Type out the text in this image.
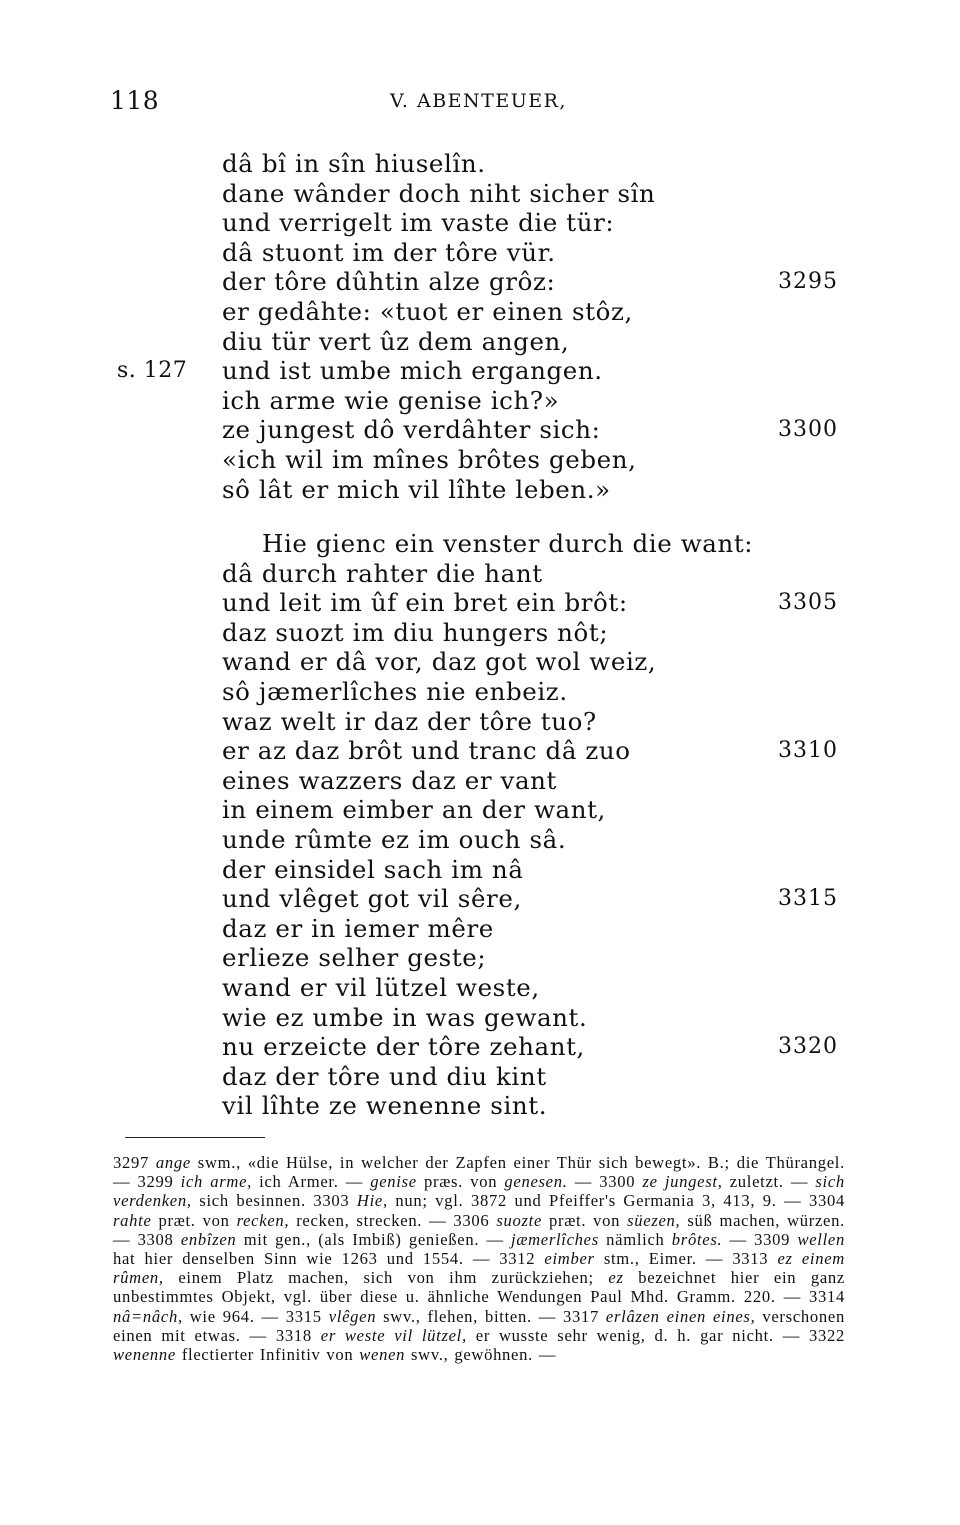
118	V. ABENTEUER,
dâ bî in sîn hiuselîn.
dane wânder doch niht sicher sîn
und verrigelt im vaste die tür:
dâ stuont im der tôre vür.
der tôre dûhtin alze grôz:	3295
er gedâhte: «tuot er einen stôz,
diu tür vert ûz dem angen,
und ist umbe mich ergangen.
s. 127
ich arme wie genise ich?»
ze jungest dô verdâhter sich:	3300
«ich wil im mînes brôtes geben,
sô lât er mich vil lîhte leben.»
Hie gienc ein venster durch die want:
dâ durch rahter die hant
und leit im ûf ein bret ein brôt:	3305
daz suozt im diu hungers nôt;
wand er dâ vor, daz got wol weiz,
sô jæmerlîches nie enbeiz.
waz welt ir daz der tôre tuo?
er az daz brôt und tranc dâ zuo	3310
eines wazzers daz er vant
in einem eimber an der want,
unde rûmte ez im ouch sâ.
der einsidel sach im nâ
und vlêget got vil sêre,	3315
daz er in iemer mêre
erlieze selher geste;
wand er vil lützel weste,
wie ez umbe in was gewant.
nu erzeicte der tôre zehant,	3320
daz der tôre und diu kint
vil lîhte ze wenenne sint.
3297 ange swm., «die Hülse, in welcher der Zapfen einer Thür sich bewegt». B.; die Thürangel. — 3299 ich arme, ich Armer. — genise præs. von genesen. — 3300 ze jungest, zuletzt. — sich verdenken, sich besinnen. 3303 Hie, nun; vgl. 3872 und Pfeiffer's Germania 3, 413, 9. — 3304 rahte præt. von recken, recken, strecken. — 3306 suozte præt. von süezen, süß machen, würzen. — 3308 enbîzen mit gen., (als Imbiß) genießen. — jæmerlîches nämlich brôtes. — 3309 wellen hat hier denselben Sinn wie 1263 und 1554. — 3312 eimber stm., Eimer. — 3313 ez einem rûmen, einem Platz machen, sich von ihm zurückziehen; ez bezeichnet hier ein ganz unbestimmtes Objekt, vgl. über diese u. ähnliche Wendungen Paul Mhd. Gramm. 220. — 3314 nâ=nâch, wie 964. — 3315 vlêgen swv., flehen, bitten. — 3317 erlâzen einen eines, verschonen einen mit etwas. — 3318 er weste vil lützel, er wusste sehr wenig, d. h. gar nicht. — 3322 wenenne flectierter Infinitiv von wenen swv., gewöhnen. —
